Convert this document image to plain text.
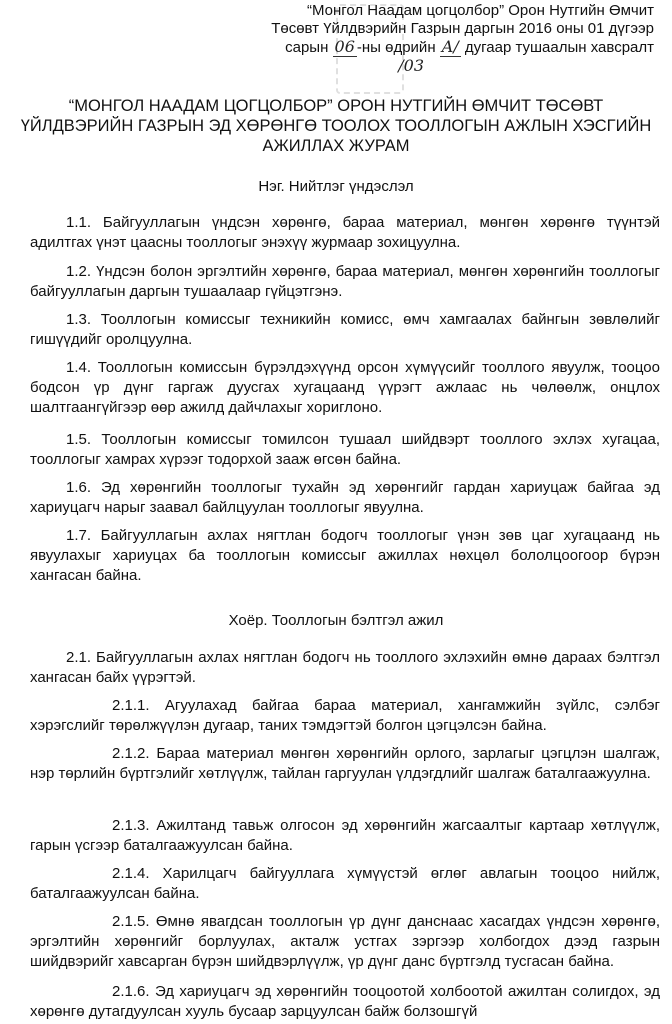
“Монгол Наадам цогцолбор” Орон Нутгийн Өмчит
Төсөвт Үйлдвэрийн Газрын даргын 2016 оны 01 дүгээр
сарын 06 -ны өдрийн A/ дугаар тушаалын хавсралт
/03
“МОНГОЛ НААДАМ ЦОГЦОЛБОР” ОРОН НУТГИЙН ӨМЧИТ ТӨСӨВТ
ҮЙЛДВЭРИЙН ГАЗРЫН ЭД ХӨРӨНГӨ ТООЛОХ ТООЛЛОГЫН АЖЛЫН ХЭСГИЙН
АЖИЛЛАХ ЖУРАМ
Нэг. Нийтлэг үндэслэл
1.1. Байгууллагын үндсэн хөрөнгө, бараа материал, мөнгөн хөрөнгө түүнтэй адилтгах үнэт цаасны тооллогыг энэхүү журмаар зохицуулна.
1.2. Үндсэн болон эргэлтийн хөрөнгө, бараа материал, мөнгөн хөрөнгийн тооллогыг байгууллагын даргын тушаалаар гүйцэтгэнэ.
1.3. Тооллогын комиссыг техникийн комисс, өмч хамгаалах байнгын зөвлөлийг гишүүдийг оролцуулна.
1.4. Тооллогын комиссын бүрэлдэхүүнд орсон хүмүүсийг тооллого явуулж, тооцоо бодсон үр дүнг гаргаж дуусгах хугацаанд үүрэгт ажлаас нь чөлөөлж, онцлох шалтгаангүйгээр өөр ажилд дайчлахыг хориглоно.
1.5. Тооллогын комиссыг томилсон тушаал шийдвэрт тооллого эхлэх хугацаа, тооллогыг хамрах хүрээг тодорхой зааж өгсөн байна.
1.6. Эд хөрөнгийн тооллогыг тухайн эд хөрөнгийг гардан хариуцаж байгаа эд хариуцагч нарыг заавал байлцуулан тооллогыг явуулна.
1.7. Байгууллагын ахлах нягтлан бодогч тооллогыг үнэн зөв цаг хугацаанд нь явуулахыг хариуцах ба тооллогын комиссыг ажиллах нөхцөл бололцоогоор бүрэн хангасан байна.
Хоёр. Тооллогын бэлтгэл ажил
2.1. Байгууллагын ахлах нягтлан бодогч нь тооллого эхлэхийн өмнө дараах бэлтгэл хангасан байх үүрэгтэй.
2.1.1. Агуулахад байгаа бараа материал, хангамжийн зүйлс, сэлбэг хэрэгслийг төрөлжүүлэн дугаар, таних тэмдэгтэй болгон цэгцэлсэн байна.
2.1.2. Бараа материал мөнгөн хөрөнгийн орлого, зарлагыг цэгцлэн шалгаж, нэр төрлийн бүртгэлийг хөтлүүлж, тайлан гаргуулан үлдэгдлийг шалгаж баталгаажуулна.
2.1.3. Ажилтанд тавьж олгосон эд хөрөнгийн жагсаалтыг картаар хөтлүүлж, гарын үсгээр баталгаажуулсан байна.
2.1.4. Харилцагч байгууллага хүмүүстэй өглөг авлагын тооцоо нийлж, баталгаажуулсан байна.
2.1.5. Өмнө явагдсан тооллогын үр дүнг данснаас хасагдах үндсэн хөрөнгө, эргэлтийн хөрөнгийг борлуулах, акталж устгах зэргээр холбогдох дээд газрын шийдвэрийг хавсарган бүрэн шийдвэрлүүлж, үр дүнг данс бүртгэлд тусгасан байна.
2.1.6. Эд хариуцагч эд хөрөнгийн тооцоотой холбоотой ажилтан солигдох, эд хөрөнгө дутагдуулсан хууль бусаар зарцуулсан байж болзошгүй
